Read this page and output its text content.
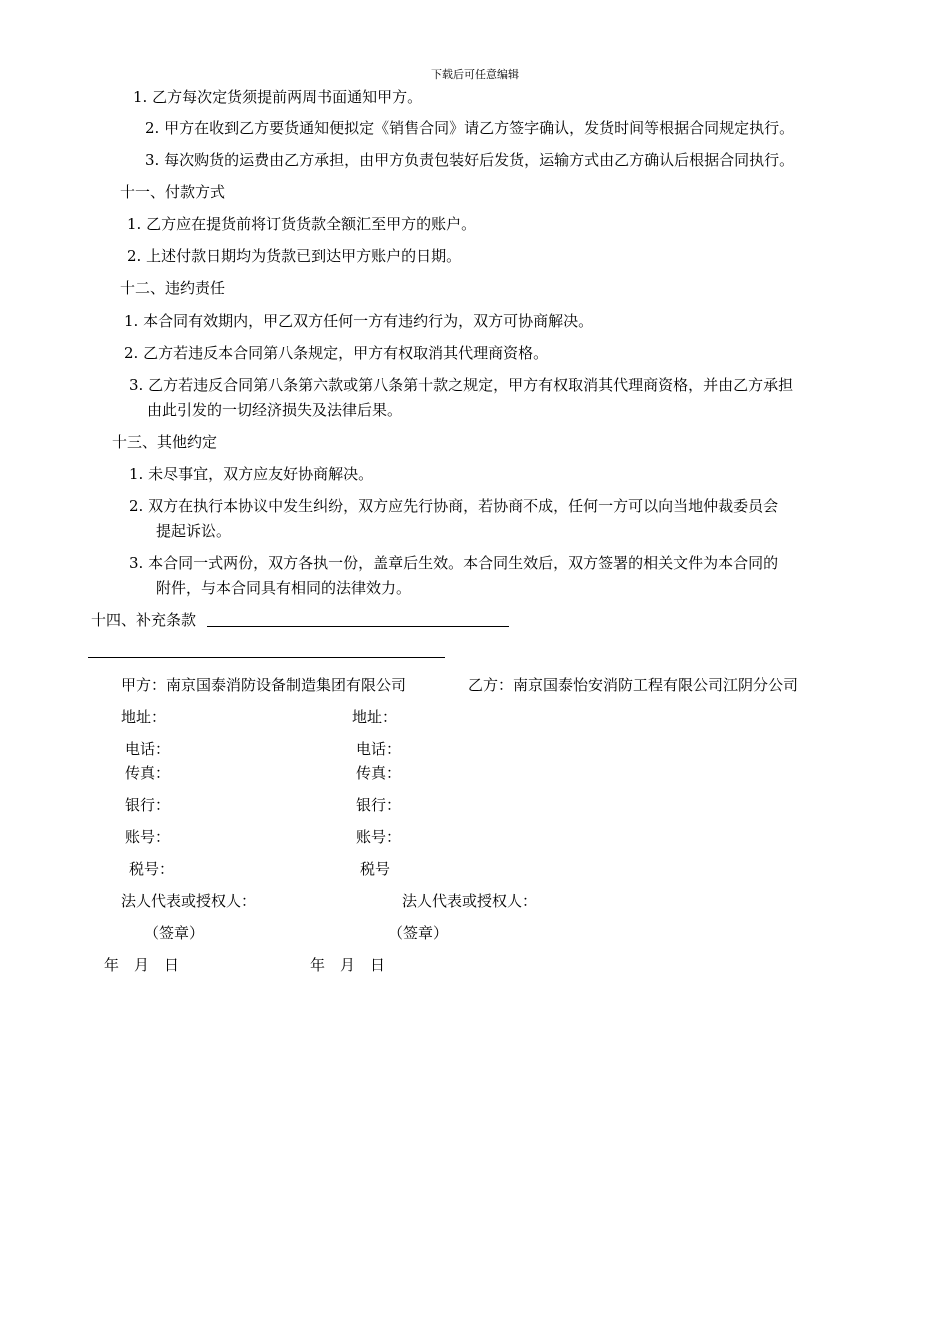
下载后可任意编辑
1. 乙方每次定货须提前两周书面通知甲方。
2. 甲方在收到乙方要货通知便拟定《销售合同》请乙方签字确认，发货时间等根据合同规定执行。
3. 每次购货的运费由乙方承担，由甲方负责包装好后发货，运输方式由乙方确认后根据合同执行。
十一、付款方式
1. 乙方应在提货前将订货货款全额汇至甲方的账户。
2. 上述付款日期均为货款已到达甲方账户的日期。
十二、违约责任
1. 本合同有效期内，甲乙双方任何一方有违约行为，双方可协商解决。
2. 乙方若违反本合同第八条规定，甲方有权取消其代理商资格。
3. 乙方若违反合同第八条第六款或第八条第十款之规定，甲方有权取消其代理商资格，并由乙方承担
由此引发的一切经济损失及法律后果。
十三、其他约定
1. 未尽事宜，双方应友好协商解决。
2. 双方在执行本协议中发生纠纷，双方应先行协商，若协商不成，任何一方可以向当地仲裁委员会
提起诉讼。
3. 本合同一式两份，双方各执一份，盖章后生效。本合同生效后，双方签署的相关文件为本合同的
附件，与本合同具有相同的法律效力。
十四、补充条款
甲方：南京国泰消防设备制造集团有限公司	乙方：南京国泰怡安消防工程有限公司江阴分公司
地址：	地址：
电话：	电话：
传真：	传真：
银行：	银行：
账号：	账号：
税号：	税号
法人代表或授权人：	法人代表或授权人：
（签章）	（签章）
年　月　日	年　月　日
